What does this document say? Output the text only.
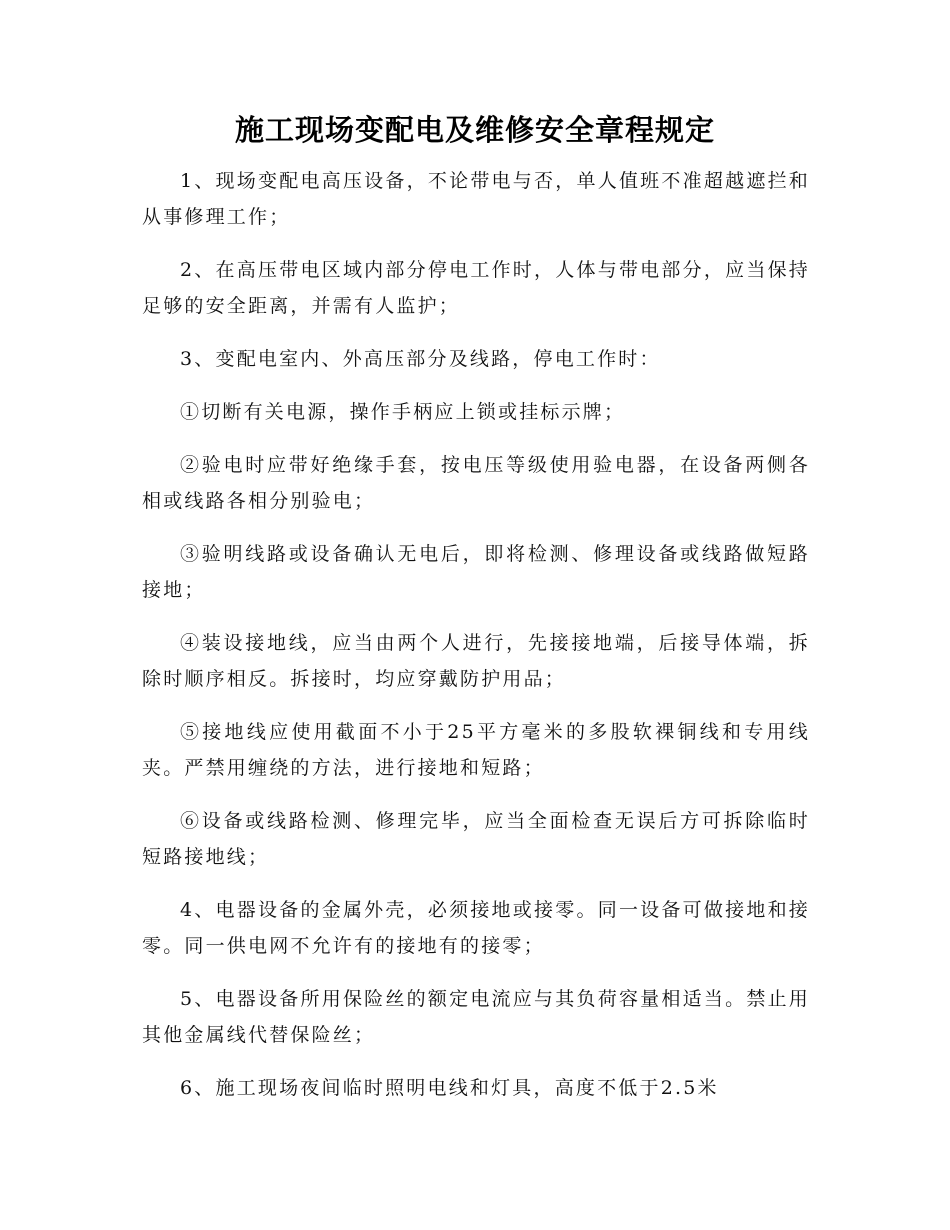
施工现场变配电及维修安全章程规定

1、现场变配电高压设备，不论带电与否，单人值班不准超越遮拦和从事修理工作；

2、在高压带电区域内部分停电工作时，人体与带电部分，应当保持足够的安全距离，并需有人监护；

3、变配电室内、外高压部分及线路，停电工作时：

①切断有关电源，操作手柄应上锁或挂标示牌；

②验电时应带好绝缘手套，按电压等级使用验电器，在设备两侧各相或线路各相分别验电；

③验明线路或设备确认无电后，即将检测、修理设备或线路做短路接地；

④装设接地线，应当由两个人进行，先接接地端，后接导体端，拆除时顺序相反。拆接时，均应穿戴防护用品；

⑤接地线应使用截面不小于25平方毫米的多股软裸铜线和专用线夹。严禁用缠绕的方法，进行接地和短路；

⑥设备或线路检测、修理完毕，应当全面检查无误后方可拆除临时短路接地线；

4、电器设备的金属外壳，必须接地或接零。同一设备可做接地和接零。同一供电网不允许有的接地有的接零；

5、电器设备所用保险丝的额定电流应与其负荷容量相适当。禁止用其他金属线代替保险丝；

6、施工现场夜间临时照明电线和灯具，高度不低于2.5米
